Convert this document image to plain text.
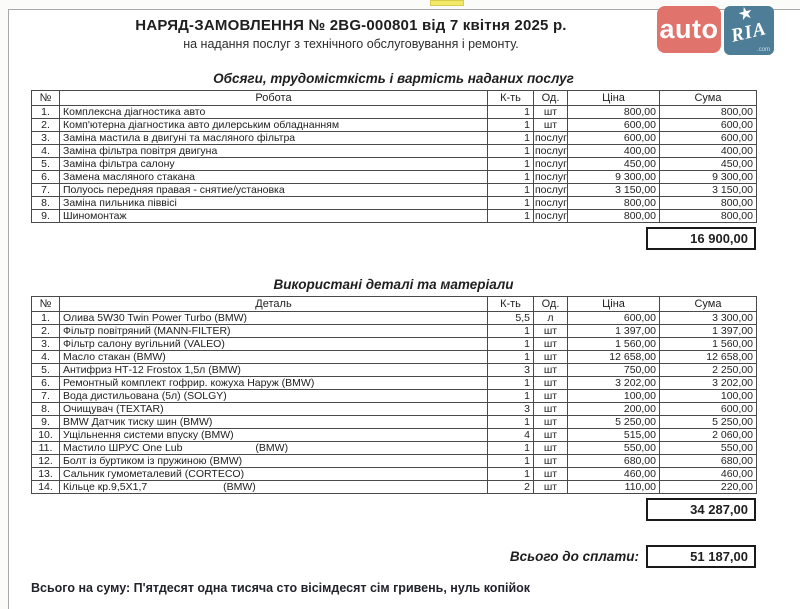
НАРЯД-ЗАМОВЛЕННЯ № 2BG-000801 від 7 квітня 2025 р.
на надання послуг з технічного обслуговування і ремонту.
Обсяги, трудомісткість і вартість наданих послуг
№	Робота	К-ть	Од.	Ціна	Сума
1.	Комплексна діагностика авто	1	шт	800,00	800,00
2.	Комп'ютерна діагностика авто дилерським обладнанням	1	шт	600,00	600,00
3.	Заміна мастила в двигуні та масляного фільтра	1	послуг	600,00	600,00
4.	Заміна фільтра повітря двигуна	1	послуг	400,00	400,00
5.	Заміна фільтра салону	1	послуг	450,00	450,00
6.	Замена масляного стакана	1	послуг	9 300,00	9 300,00
7.	Полуось передняя правая - снятие/установка	1	послуг	3 150,00	3 150,00
8.	Заміна пильника піввісі	1	послуг	800,00	800,00
9.	Шиномонтаж	1	послуг	800,00	800,00
16 900,00
Використані деталі та матеріали
№	Деталь	К-ть	Од.	Ціна	Сума
1.	Олива 5W30 Twin Power Turbo (BMW)	5,5	л	600,00	3 300,00
2.	Фільтр повітряний (MANN-FILTER)	1	шт	1 397,00	1 397,00
3.	Фільтр салону вугільний (VALEO)	1	шт	1 560,00	1 560,00
4.	Масло стакан (BMW)	1	шт	12 658,00	12 658,00
5.	Антифриз НТ-12 Frostox 1,5л (BMW)	3	шт	750,00	2 250,00
6.	Ремонтный комплект гофрир. кожуха Наруж (BMW)	1	шт	3 202,00	3 202,00
7.	Вода дистильована (5л) (SOLGY)	1	шт	100,00	100,00
8.	Очищувач (TEXTAR)	3	шт	200,00	600,00
9.	BMW Датчик тиску шин (BMW)	1	шт	5 250,00	5 250,00
10.	Ущільнення системи впуску (BMW)	4	шт	515,00	2 060,00
11.	Мастило ШРУС One Lub                         (BMW)	1	шт	550,00	550,00
12.	Болт із буртиком із пружиною (BMW)	1	шт	680,00	680,00
13.	Сальник гумометалевий (CORTECO)	1	шт	460,00	460,00
14.	Кільце кр.9,5X1,7                          (BMW)	2	шт	110,00	220,00
34 287,00
Всього до сплати:	51 187,00
Всього на суму: П'ятдесят одна тисяча сто вісімдесят сім гривень, нуль копійок
auto
★
RIA
.com
